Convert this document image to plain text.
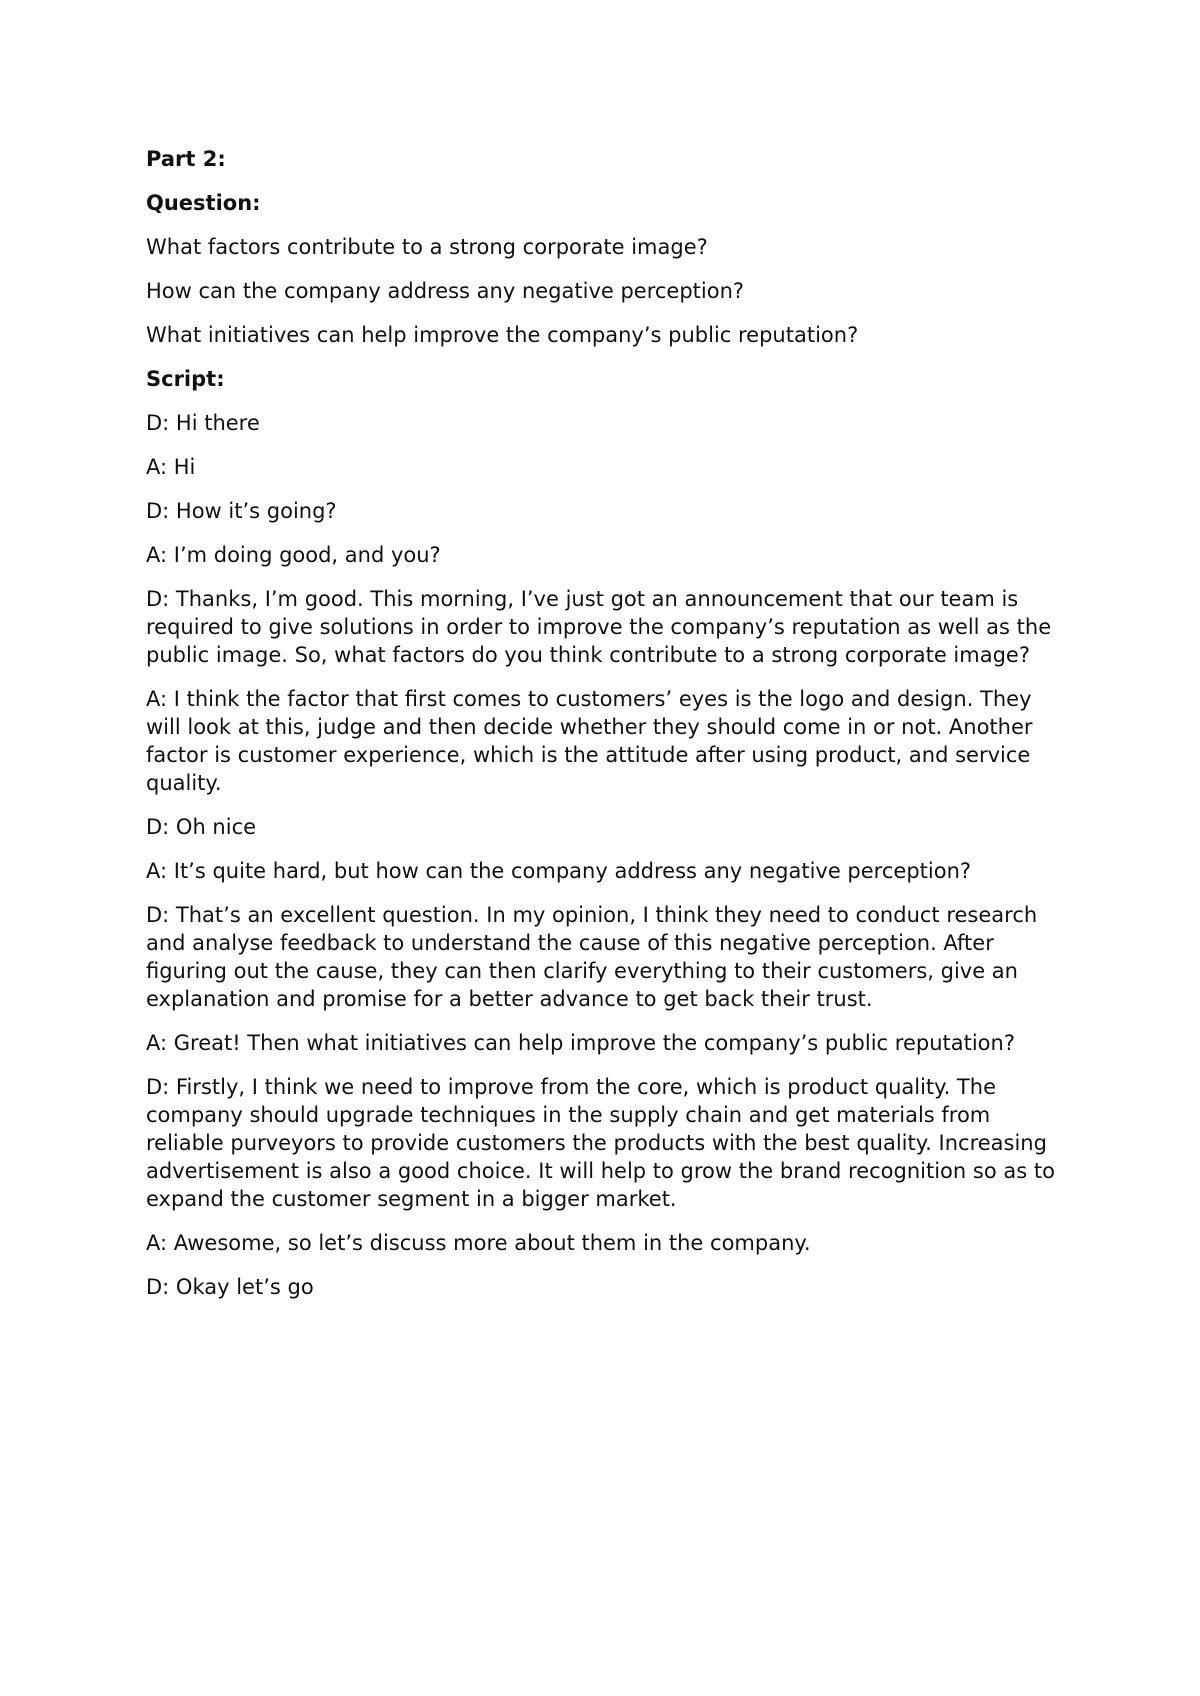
Part 2:

Question:

What factors contribute to a strong corporate image?

How can the company address any negative perception?

What initiatives can help improve the company’s public reputation?

Script:

D: Hi there

A: Hi

D: How it’s going?

A: I’m doing good, and you?

D: Thanks, I’m good. This morning, I’ve just got an announcement that our team is required to give solutions in order to improve the company’s reputation as well as the public image. So, what factors do you think contribute to a strong corporate image?

A: I think the factor that first comes to customers’ eyes is the logo and design. They will look at this, judge and then decide whether they should come in or not. Another factor is customer experience, which is the attitude after using product, and service quality.

D: Oh nice

A: It’s quite hard, but how can the company address any negative perception?

D: That’s an excellent question. In my opinion, I think they need to conduct research and analyse feedback to understand the cause of this negative perception. After figuring out the cause, they can then clarify everything to their customers, give an explanation and promise for a better advance to get back their trust.

A: Great! Then what initiatives can help improve the company’s public reputation?

D: Firstly, I think we need to improve from the core, which is product quality. The company should upgrade techniques in the supply chain and get materials from reliable purveyors to provide customers the products with the best quality. Increasing advertisement is also a good choice. It will help to grow the brand recognition so as to expand the customer segment in a bigger market.

A: Awesome, so let’s discuss more about them in the company.

D: Okay let’s go
